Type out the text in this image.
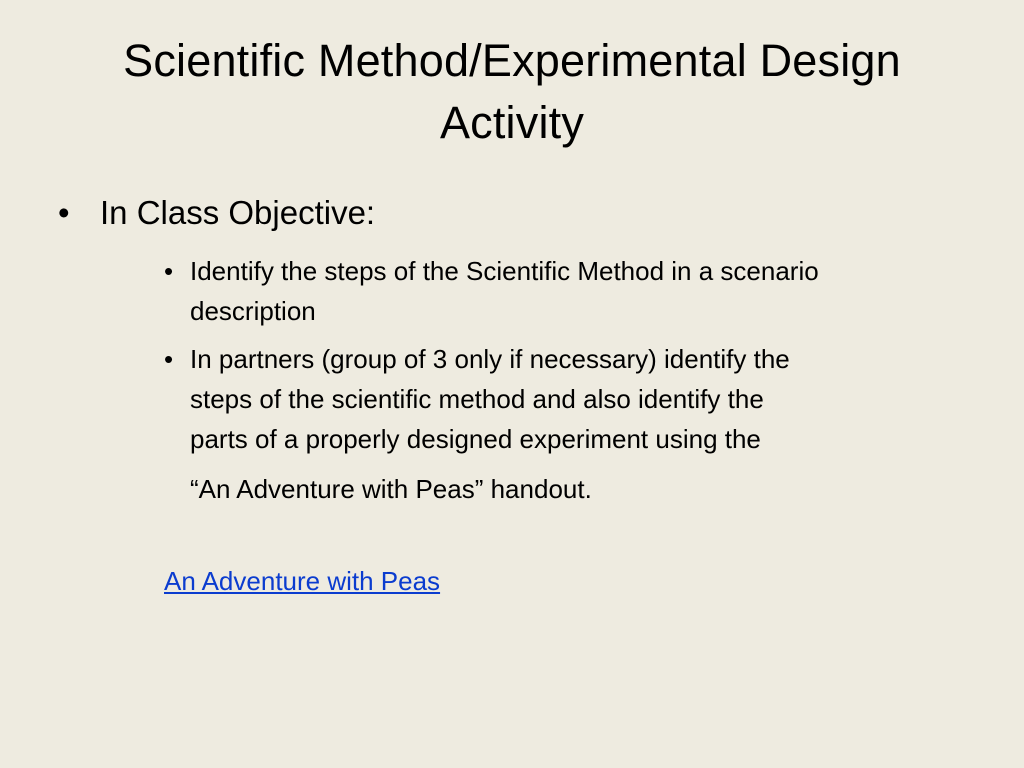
Scientific Method/Experimental Design
Activity
• In Class Objective:
• Identify the steps of the Scientific Method in a scenario
description
• In partners (group of 3 only if necessary) identify the
steps of the scientific method and also identify the
parts of a properly designed experiment using the
“An Adventure with Peas” handout.
An Adventure with Peas
